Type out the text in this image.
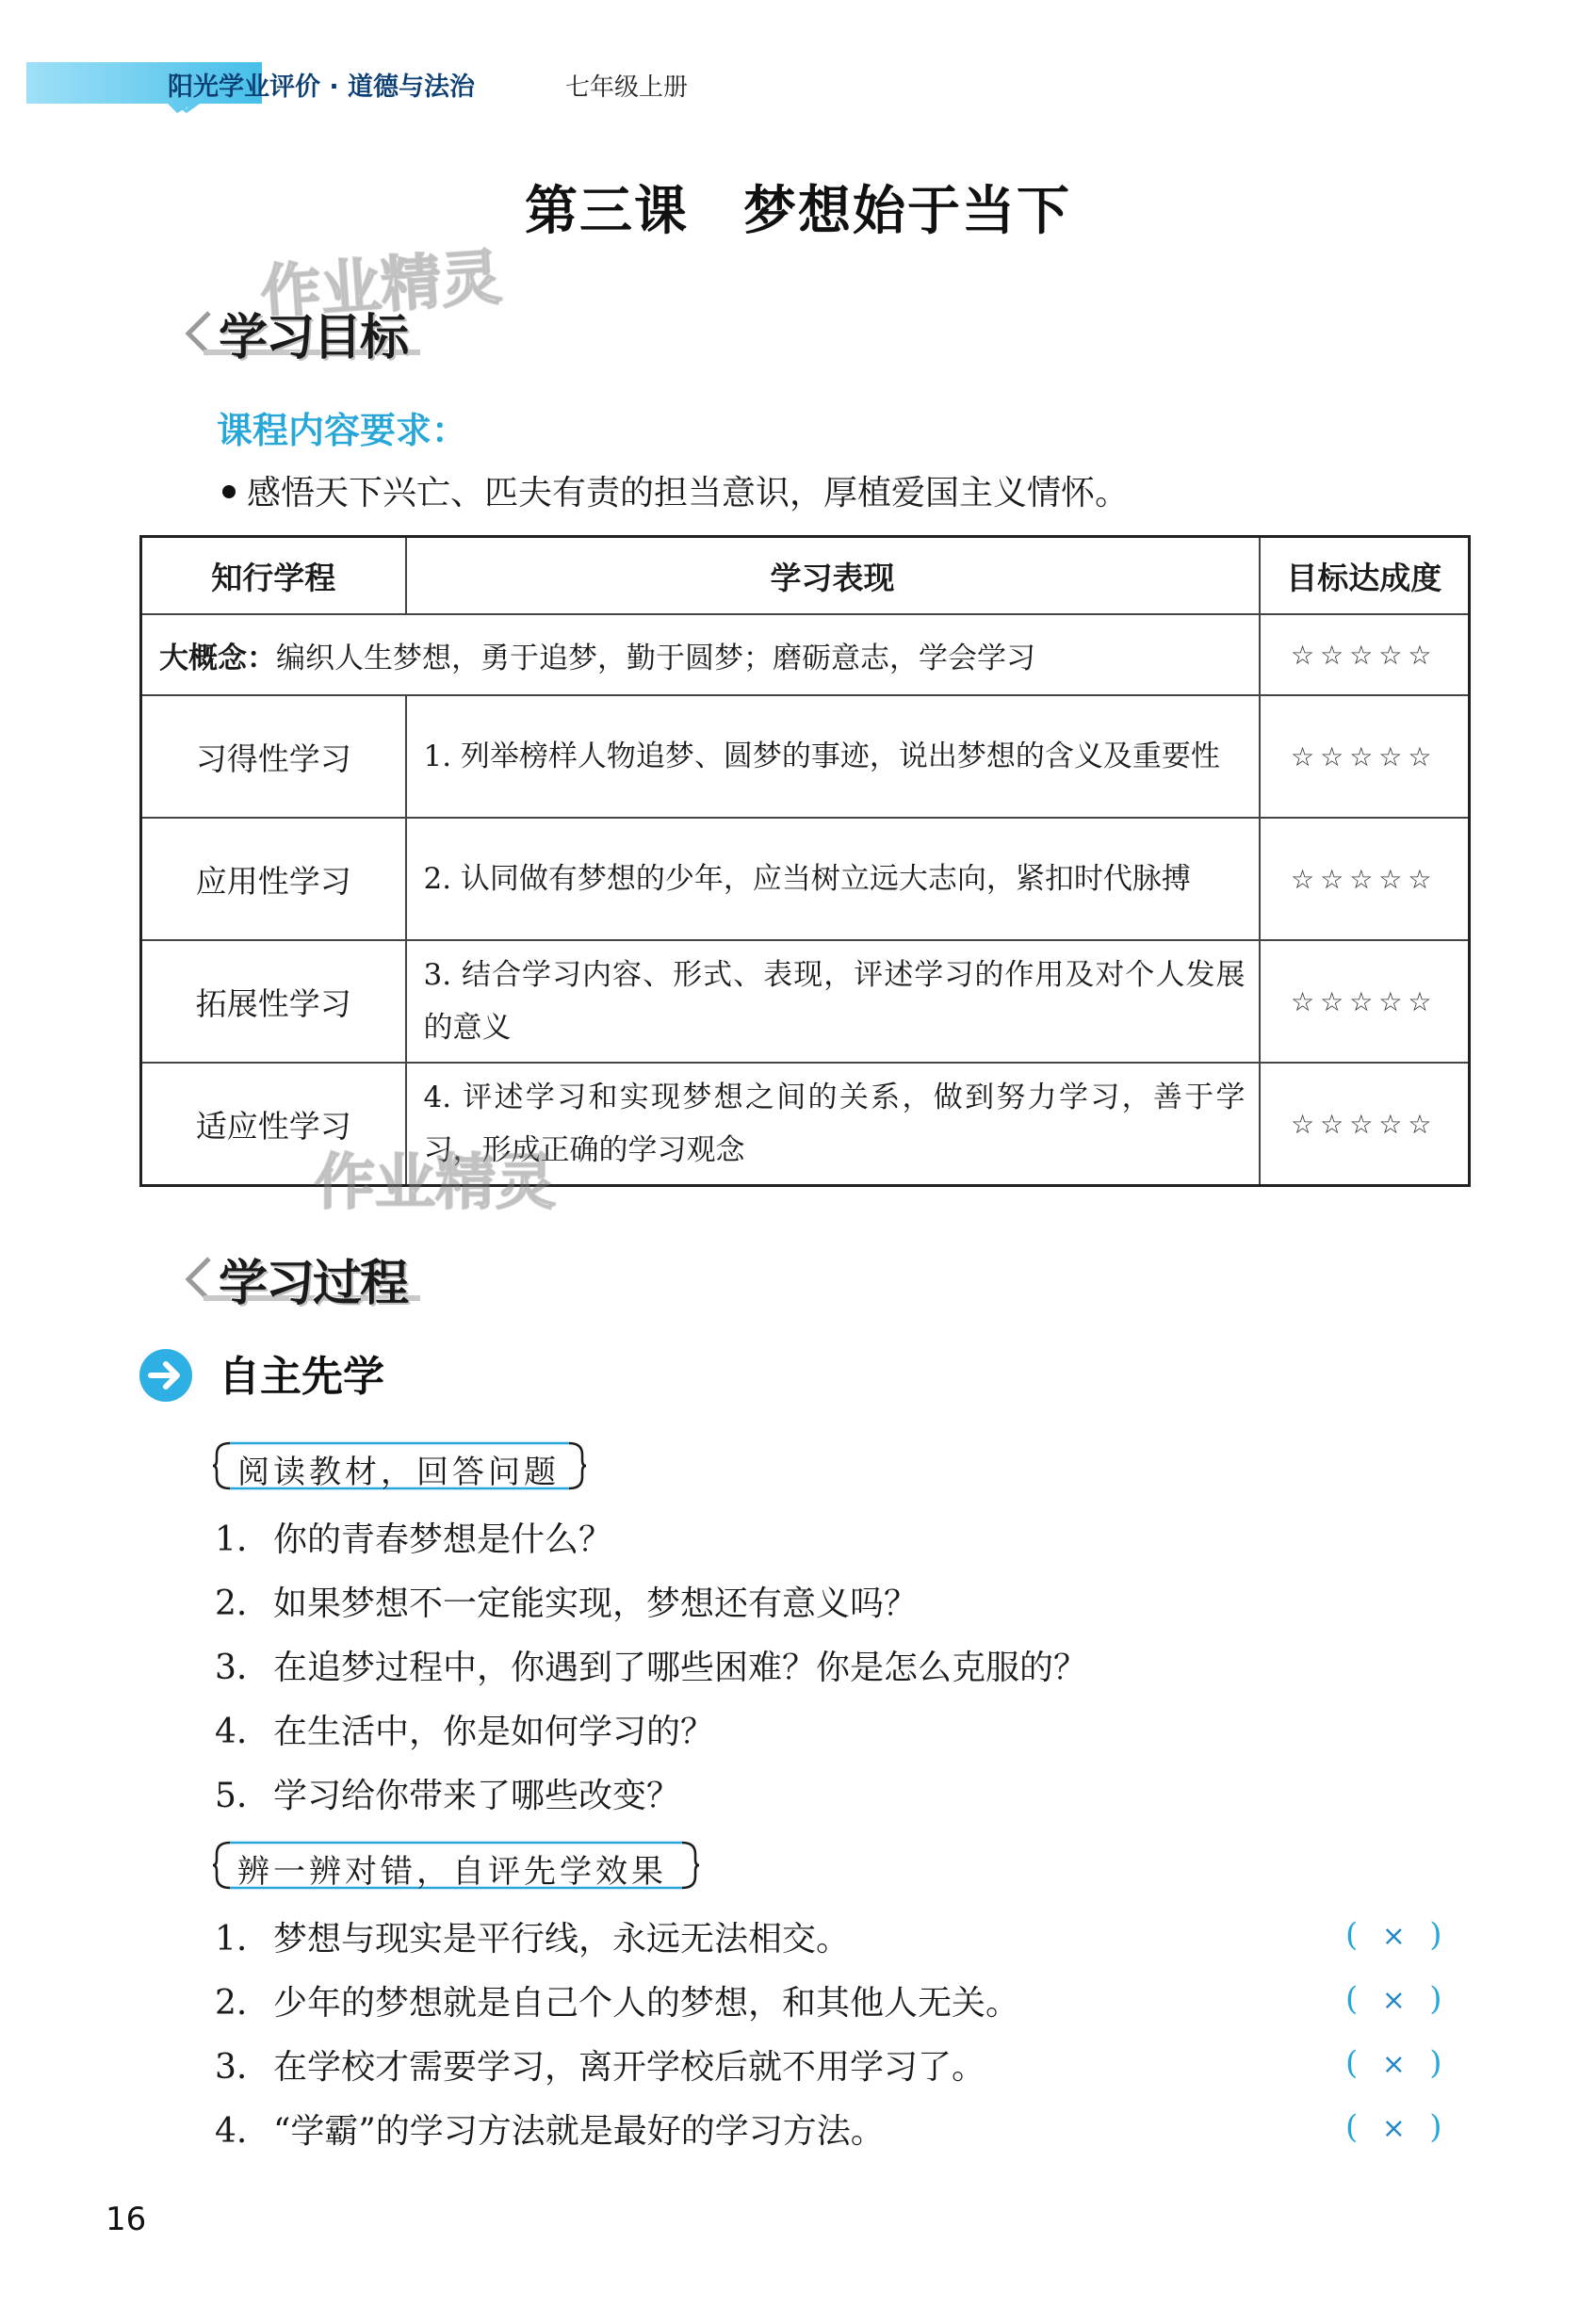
阳光学业评价 · 道德与法治	七年级上册
第三课　梦想始于当下
作业精灵
学习目标
课程内容要求：
感悟天下兴亡、匹夫有责的担当意识，厚植爱国主义情怀。
知行学程	学习表现	目标达成度
大概念：编织人生梦想，勇于追梦，勤于圆梦；磨砺意志，学会学习		☆☆☆☆☆
习得性学习	1. 列举榜样人物追梦、圆梦的事迹，说出梦想的含义及重要性	☆☆☆☆☆
应用性学习	2. 认同做有梦想的少年，应当树立远大志向，紧扣时代脉搏	☆☆☆☆☆
拓展性学习	3. 结合学习内容、形式、表现，评述学习的作用及对个人发展的意义	☆☆☆☆☆
适应性学习	4. 评述学习和实现梦想之间的关系，做到努力学习，善于学习，形成正确的学习观念	☆☆☆☆☆
作业精灵
学习过程
自主先学
阅读教材，回答问题
1. 你的青春梦想是什么？
2. 如果梦想不一定能实现，梦想还有意义吗？
3. 在追梦过程中，你遇到了哪些困难？你是怎么克服的？
4. 在生活中，你是如何学习的？
5. 学习给你带来了哪些改变？
辨一辨对错，自评先学效果
1. 梦想与现实是平行线，永远无法相交。	( × )
2. 少年的梦想就是自己个人的梦想，和其他人无关。	( × )
3. 在学校才需要学习，离开学校后就不用学习了。	( × )
4. “学霸”的学习方法就是最好的学习方法。	( × )
16
